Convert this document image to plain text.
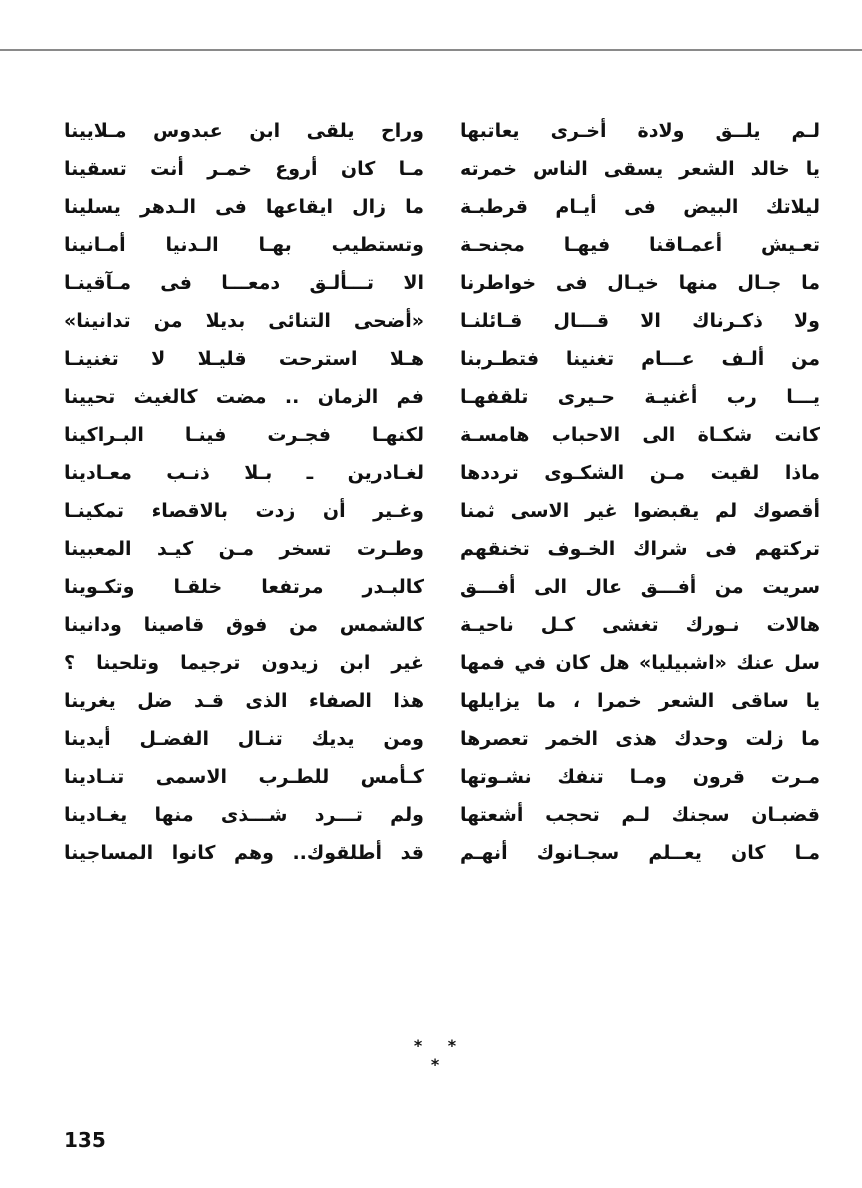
لـم يلــق ولادة أخـرى يعاتبها
يا خالد الشعر يسقى الناس خمرته
ليلاتك البيض فى أيـام قرطبـة
تعـيش أعمـاقنا فيهـا مجنحـة
ما جـال منها خيـال فى خواطرنا
ولا ذكـرناك الا قـــال قـائلنـا
من ألـف عـــام تغنينا فتطـربنا
يـــا رب أغنيـة حـيرى تلقفهـا
كانت شكـاة الى الاحباب هامسـة
ماذا لقيت مـن الشكـوى ترددها
أقصوك لم يقبضوا غير الاسى ثمنا
تركتهم فى شراك الخـوف تخنقهم
سريت من أفـــق عال الى أفـــق
هالات نـورك تغشى كـل ناحيـة
سل عنك «اشبيليا» هل كان في فمها
يا ساقى الشعر خمرا ، ما يزايلها
ما زلت وحدك هذى الخمر تعصرها
مـرت قرون ومـا تنفك نشـوتها
قضبـان سجنك لـم تحجب أشعتها
مـا كان يعــلم سجـانوك أنهـم
وراح يلقى ابن عبدوس مـلايينا
مـا كان أروع خمـر أنت تسقينا
ما زال ايقاعها فى الـدهر يسلينا
وتستطيب بهـا الـدنيا أمـانينا
الا تـــألـق دمعـــا فى مـآقينـا
«أضحى التنائى بديلا من تدانينا»
هـلا استرحت قليـلا لا تغنينـا
فم الزمان .. مضت كالغيث تحيينا
لكنهـا فجـرت فينـا البـراكينا
لغـادرين ـ بـلا ذنـب معـادينا
وغـير أن زدت بالاقصاء تمكينـا
وطـرت تسخر مـن كيـد المعبينا
كالبـدر مرتفعا خلقـا وتكـوينا
كالشمس من فوق قاصينا ودانينا
غير ابن زيدون ترجيما وتلحينا ؟
هذا الصفاء الذى قـد ضل يغرينا
ومن يديك تنـال الفضـل أيدينا
كـأمس للطـرب الاسمى تنـادينا
ولم تـــرد شـــذى منها يغـادينا
قد أطلقوك.. وهم كانوا المساجينا
* * *
135
